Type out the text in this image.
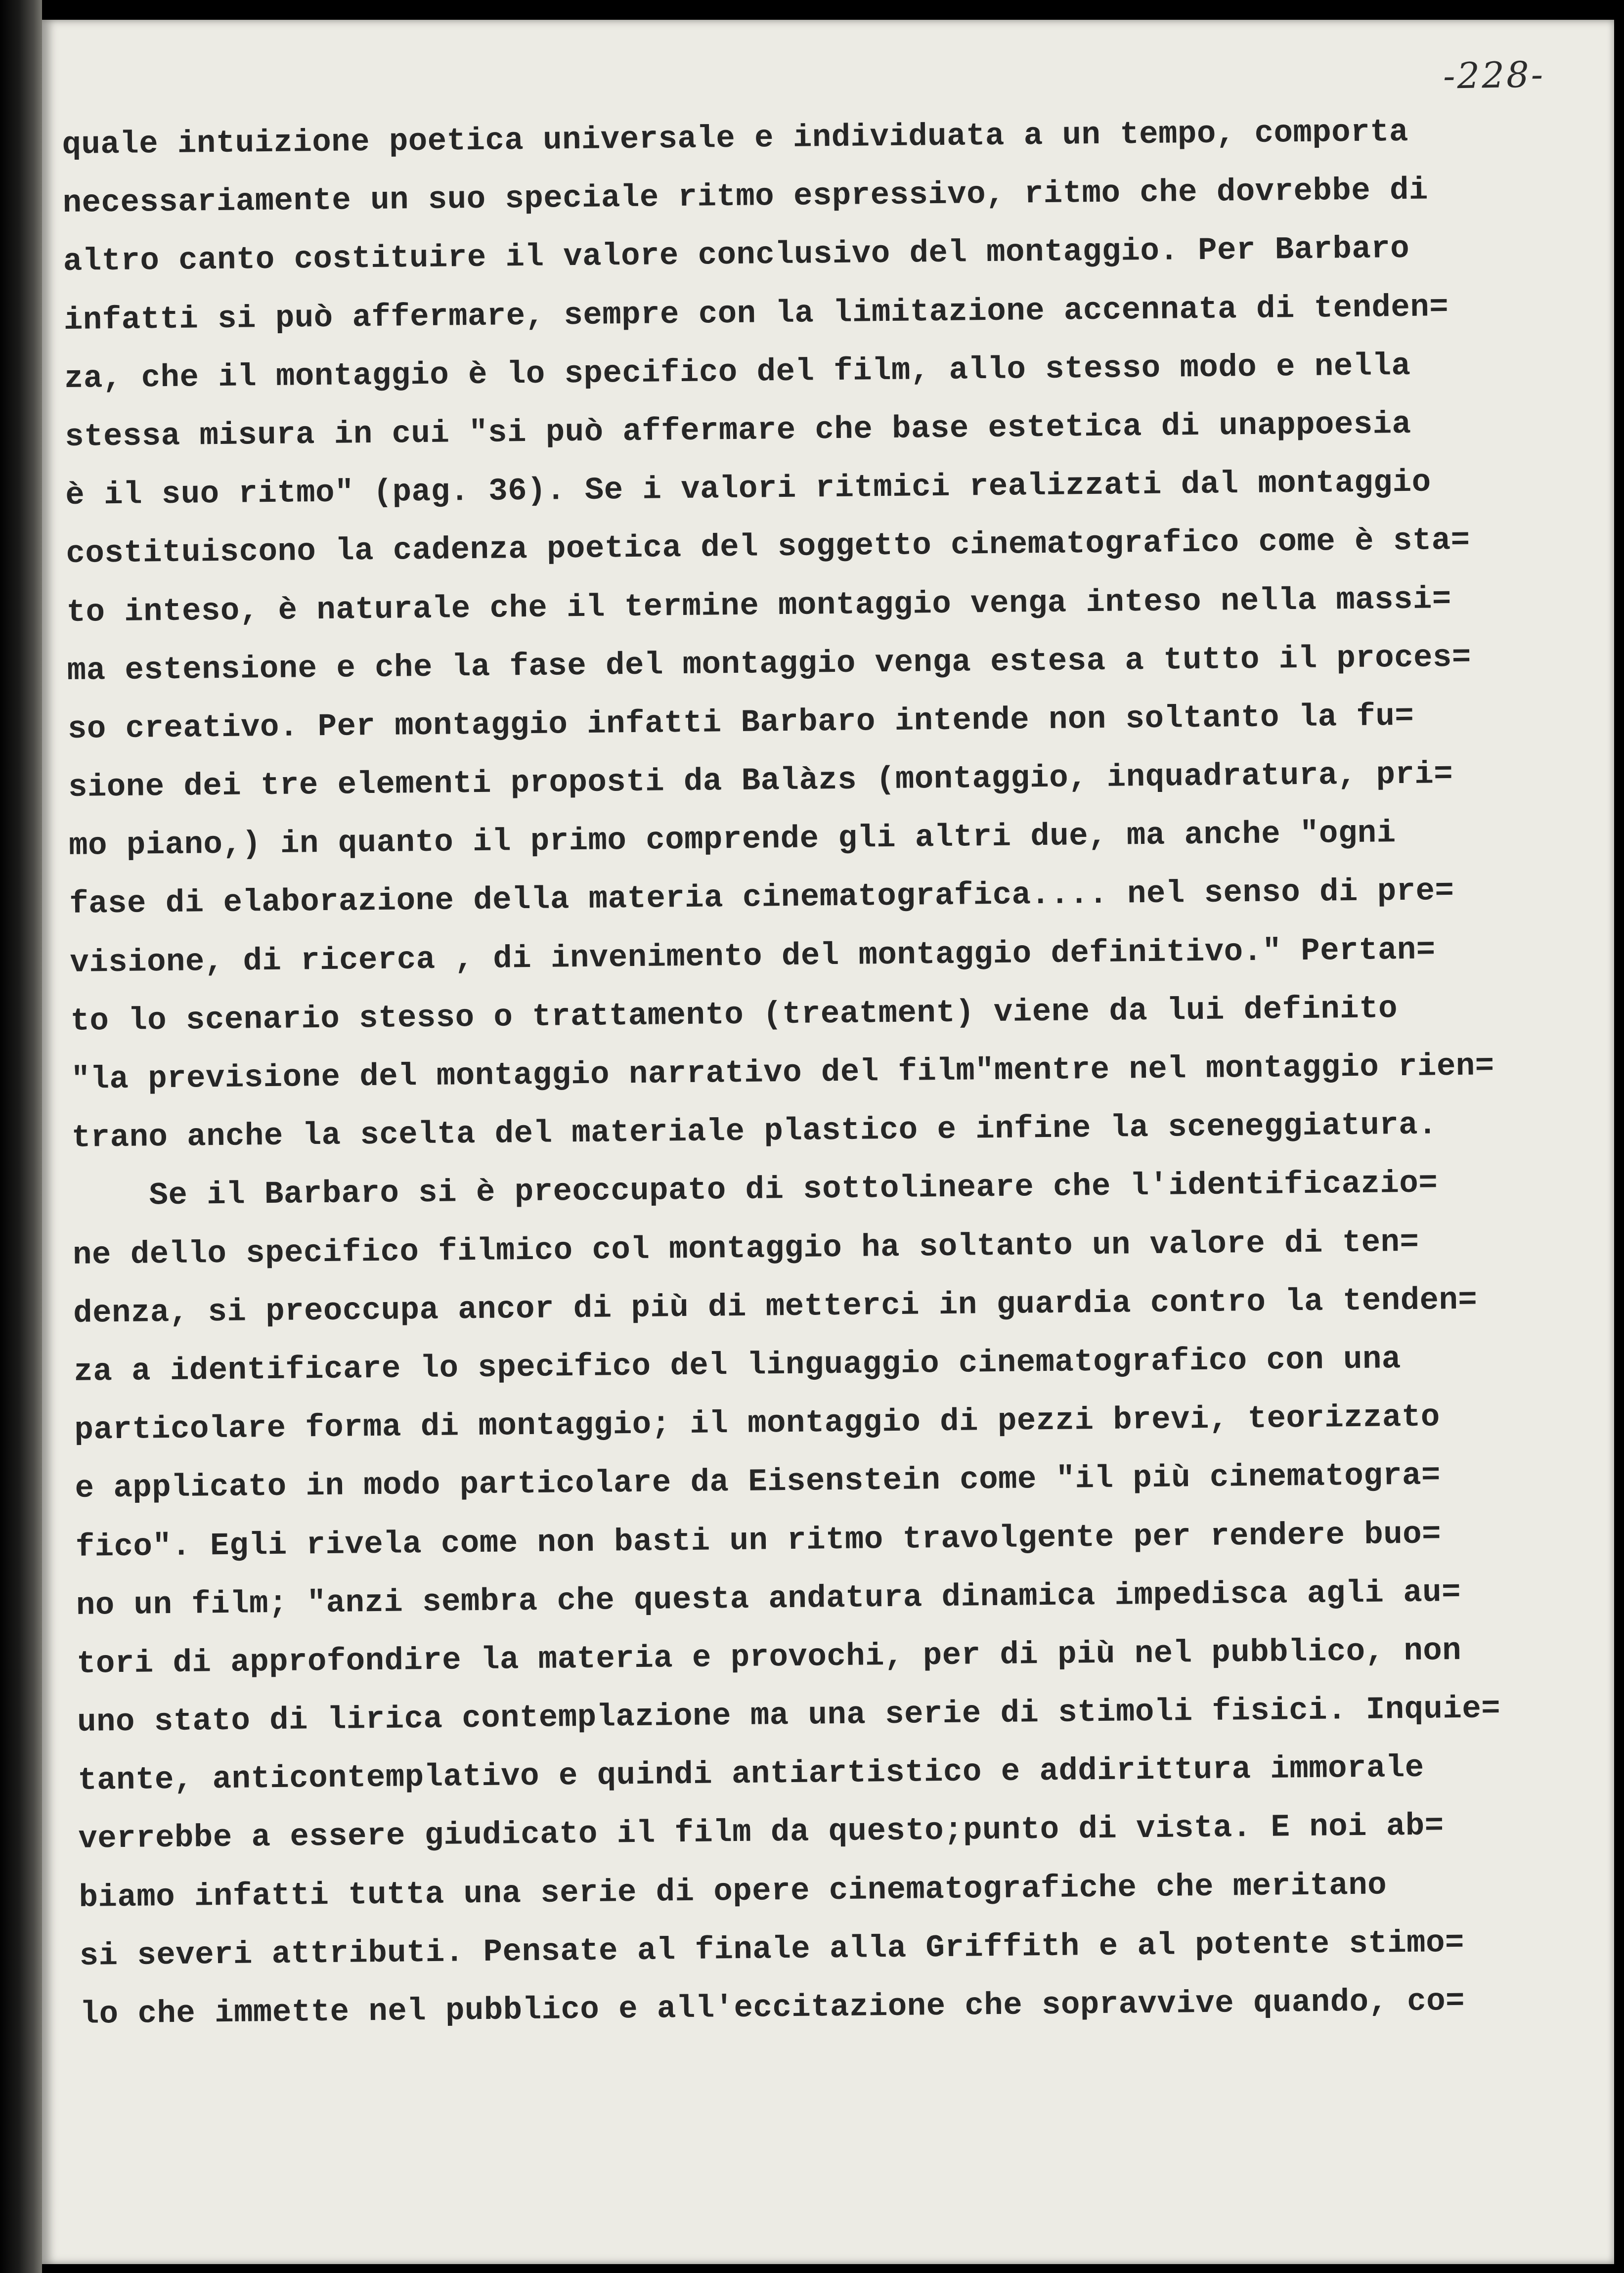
-228-
quale intuizione poetica universale e individuata a un tempo, comporta
necessariamente un suo speciale ritmo espressivo, ritmo che dovrebbe di
altro canto costituire il valore conclusivo del montaggio. Per Barbaro
infatti si può affermare, sempre con la limitazione accennata di tenden=
za, che il montaggio è lo specifico del film, allo stesso modo e nella
stessa misura in cui "si può affermare che base estetica di unappoesia
è il suo ritmo" (pag. 36). Se i valori ritmici realizzati dal montaggio
costituiscono la cadenza poetica del soggetto cinematografico come è sta=
to inteso, è naturale che il termine montaggio venga inteso nella massi=
ma estensione e che la fase del montaggio venga estesa a tutto il proces=
so creativo. Per montaggio infatti Barbaro intende non soltanto la fu=
sione dei tre elementi proposti da Balàzs (montaggio, inquadratura, pri=
mo piano,) in quanto il primo comprende gli altri due, ma anche "ogni
fase di elaborazione della materia cinematografica.... nel senso di pre=
visione, di ricerca , di invenimento del montaggio definitivo." Pertan=
to lo scenario stesso o trattamento (treatment) viene da lui definito
"la previsione del montaggio narrativo del film"mentre nel montaggio rien=
trano anche la scelta del materiale plastico e infine la sceneggiatura.
Se il Barbaro si è preoccupato di sottolineare che l'identificazio=
ne dello specifico filmico col montaggio ha soltanto un valore di ten=
denza, si preoccupa ancor di più di metterci in guardia contro la tenden=
za a identificare lo specifico del linguaggio cinematografico con una
particolare forma di montaggio; il montaggio di pezzi brevi, teorizzato
e applicato in modo particolare da Eisenstein come "il più cinematogra=
fico". Egli rivela come non basti un ritmo travolgente per rendere buo=
no un film; "anzi sembra che questa andatura dinamica impedisca agli au=
tori di approfondire la materia e provochi, per di più nel pubblico, non
uno stato di lirica contemplazione ma una serie di stimoli fisici. Inquie=
tante, anticontemplativo e quindi antiartistico e addirittura immorale
verrebbe a essere giudicato il film da questo;punto di vista. E noi ab=
biamo infatti tutta una serie di opere cinematografiche che meritano
si severi attributi. Pensate al finale alla Griffith e al potente stimo=
lo che immette nel pubblico e all'eccitazione che sopravvive quando, co=
